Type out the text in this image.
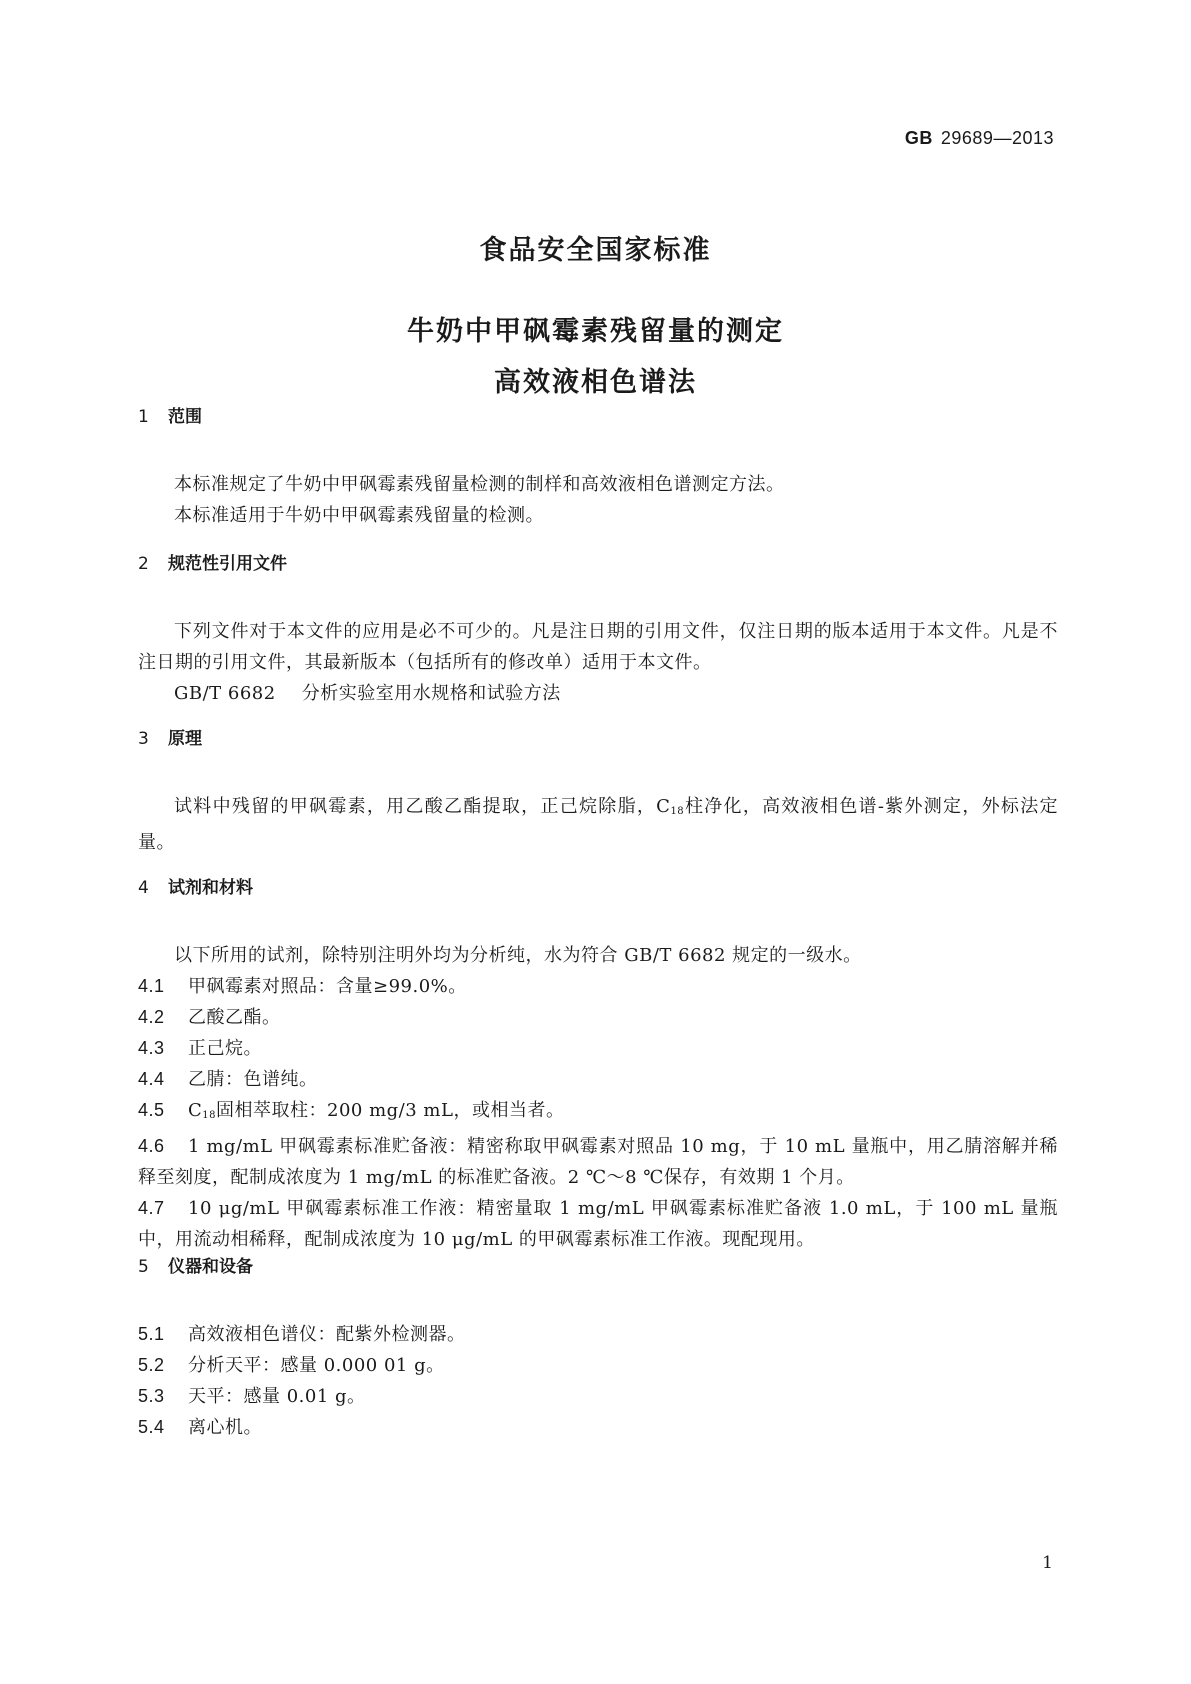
GB 29689—2013

食品安全国家标准

牛奶中甲砜霉素残留量的测定

高效液相色谱法

1 范围

本标准规定了牛奶中甲砜霉素残留量检测的制样和高效液相色谱测定方法。

本标准适用于牛奶中甲砜霉素残留量的检测。

2 规范性引用文件

下列文件对于本文件的应用是必不可少的。凡是注日期的引用文件，仅注日期的版本适用于本文件。凡是不注日期的引用文件，其最新版本（包括所有的修改单）适用于本文件。

GB/T 6682 分析实验室用水规格和试验方法

3 原理

试料中残留的甲砜霉素，用乙酸乙酯提取，正己烷除脂，$C_{18}$柱净化，高效液相色谱-紫外测定，外标法定量。

4 试剂和材料

以下所用的试剂，除特别注明外均为分析纯，水为符合 GB/T 6682 规定的一级水。

4.1 甲砜霉素对照品：含量≥99.0%。

4.2 乙酸乙酯。

4.3 正己烷。

4.4 乙腈：色谱纯。

4.5 $C_{18}$固相萃取柱：200 mg/3 mL，或相当者。

4.6 1 mg/mL 甲砜霉素标准贮备液：精密称取甲砜霉素对照品 10 mg，于 10 mL 量瓶中，用乙腈溶解并稀释至刻度，配制成浓度为 1 mg/mL 的标准贮备液。2 ℃～8 ℃保存，有效期 1 个月。

4.7 10 μg/mL 甲砜霉素标准工作液：精密量取 1 mg/mL 甲砜霉素标准贮备液 1.0 mL，于 100 mL 量瓶中，用流动相稀释，配制成浓度为 10 μg/mL 的甲砜霉素标准工作液。现配现用。

5 仪器和设备

5.1 高效液相色谱仪：配紫外检测器。

5.2 分析天平：感量 0.000 01 g。

5.3 天平：感量 0.01 g。

5.4 离心机。

1
